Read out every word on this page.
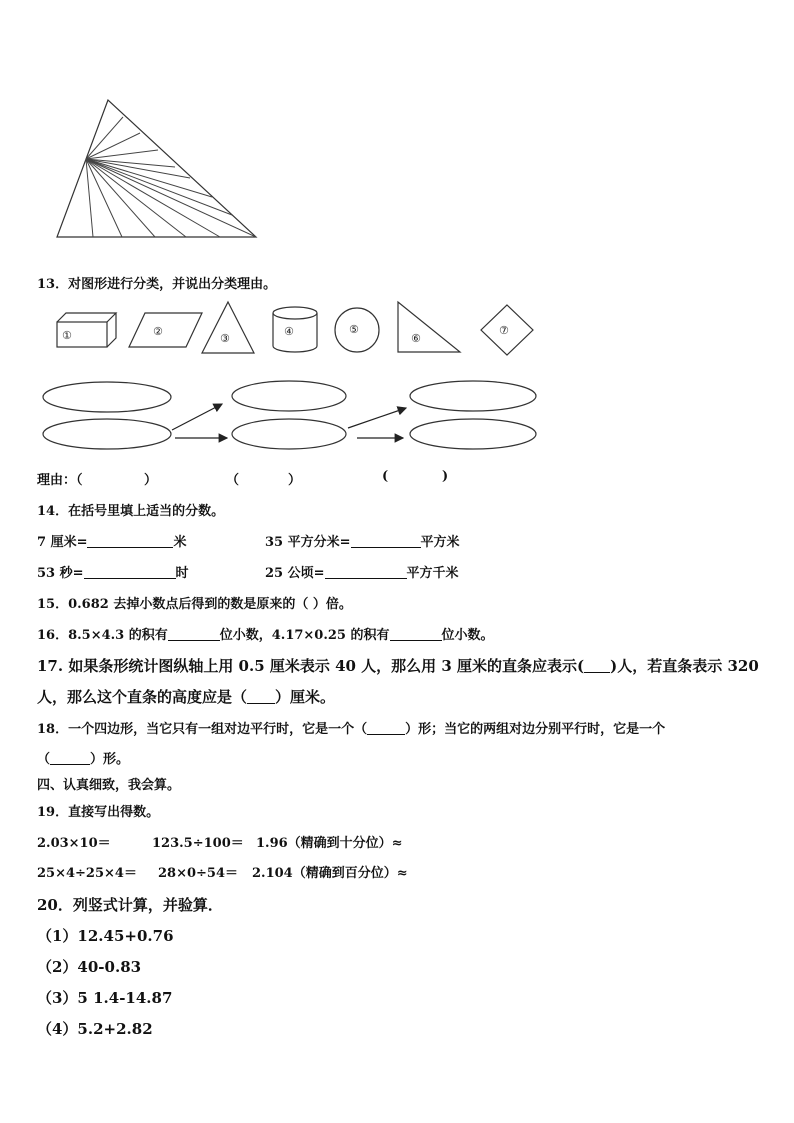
①	②
③
④	⑤
⑥
⑦
13．对图形进行分类，并说出分类理由。
理由：（	）	（	）	(	)
14．在括号里填上适当的分数。
7 厘米=	米	35 平方分米=	平方米
53 秒=	时	25 公顷=	平方千米
15．0.682 去掉小数点后得到的数是原来的（ ）倍。
16．8.5×4.3 的积有	位小数，4.17×0.25 的积有	位小数。
17. 如果条形统计图纵轴上用 0.5 厘米表示 40 人，那么用 3 厘米的直条应表示( )人，若直条表示 320
人，那么这个直条的高度应是（ ）厘米。
18．一个四边形，当它只有一组对边平行时，它是一个（	）形；当它的两组对边分别平行时，它是一个
（	）形。
四、认真细致，我会算。
19．直接写出得数。
2.03×10＝	123.5÷100＝ 1.96（精确到十分位）≈
25×4÷25×4＝ 28×0÷54＝ 2.104（精确到百分位）≈
20．列竖式计算，并验算．
（1）12.45+0.76
（2）40-0.83
（3）5 1.4-14.87
（4）5.2+2.82
